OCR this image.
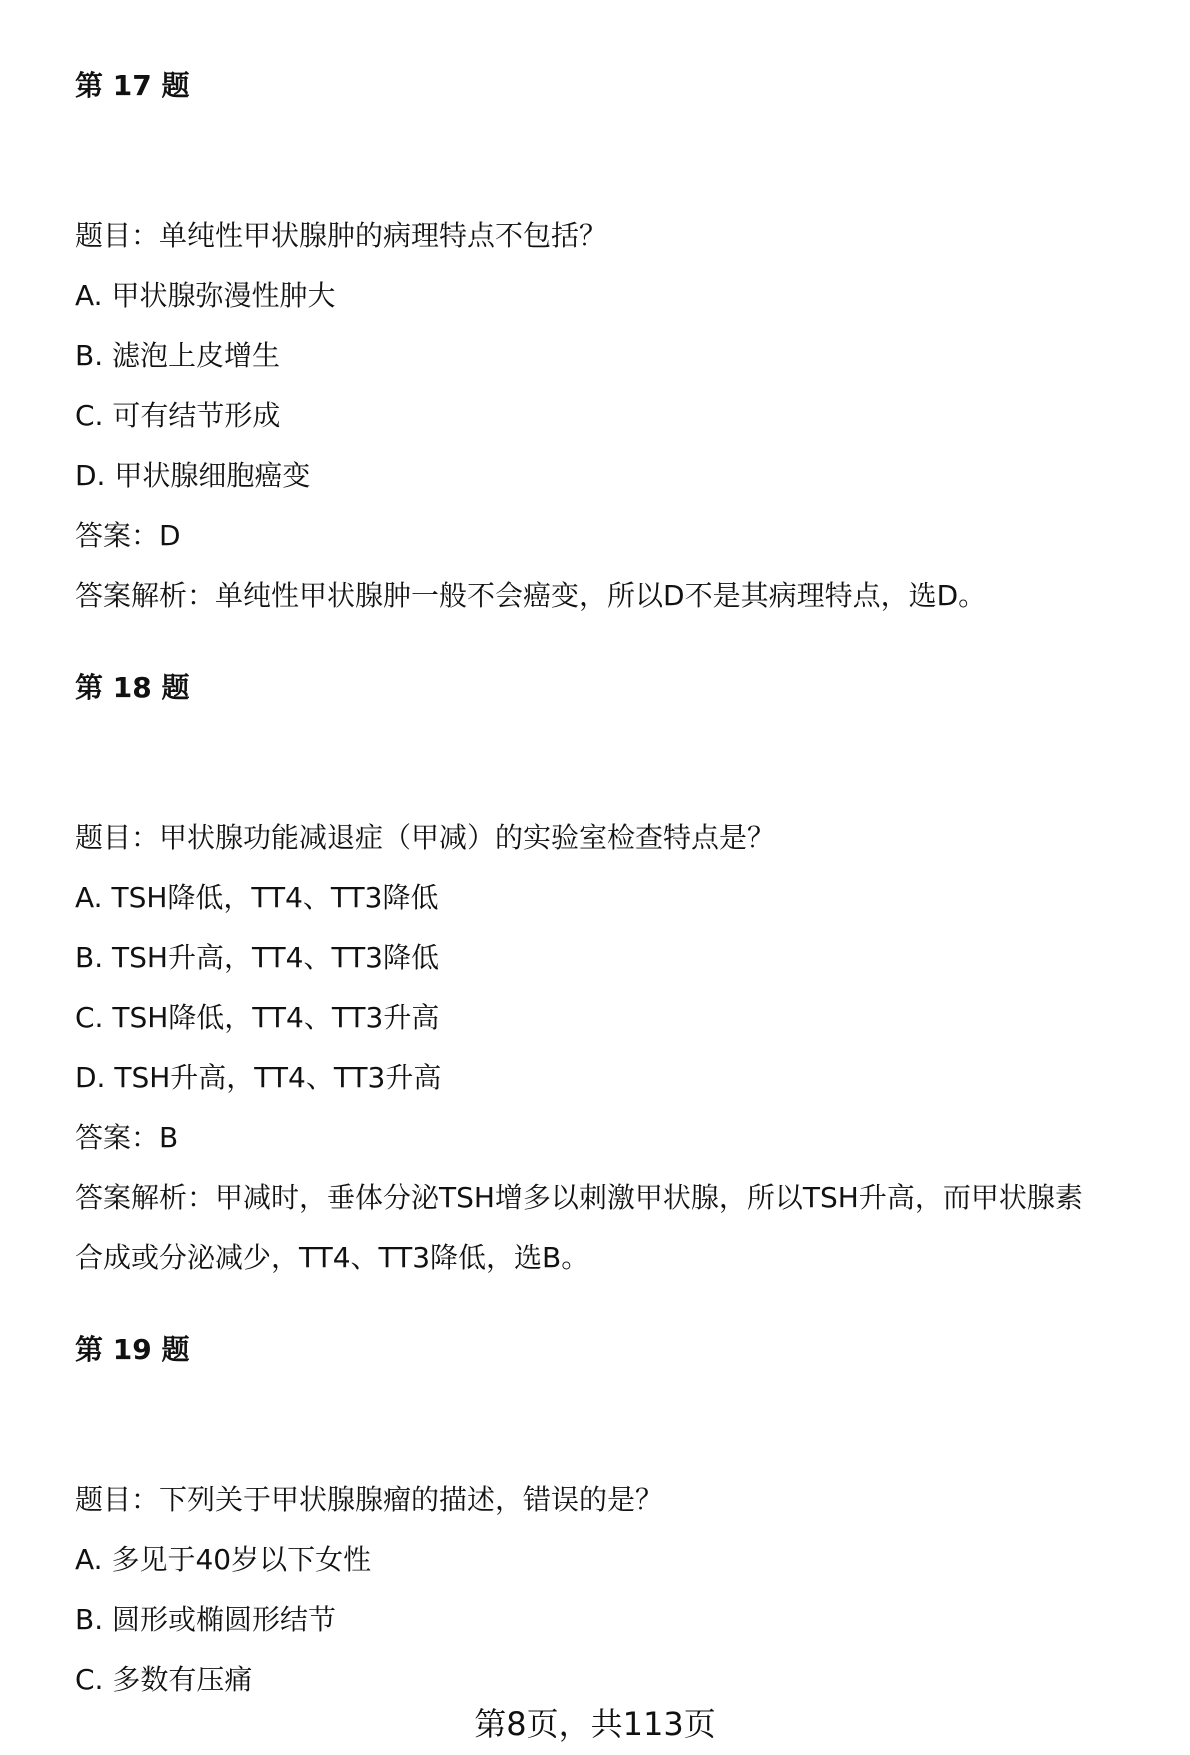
第 17 题
题目：单纯性甲状腺肿的病理特点不包括？
A. 甲状腺弥漫性肿大
B. 滤泡上皮增生
C. 可有结节形成
D. 甲状腺细胞癌变
答案：D
答案解析：单纯性甲状腺肿一般不会癌变，所以D不是其病理特点，选D。
第 18 题
题目：甲状腺功能减退症（甲减）的实验室检查特点是？
A. TSH降低，TT4、TT3降低
B. TSH升高，TT4、TT3降低
C. TSH降低，TT4、TT3升高
D. TSH升高，TT4、TT3升高
答案：B
答案解析：甲减时，垂体分泌TSH增多以刺激甲状腺，所以TSH升高，而甲状腺素
合成或分泌减少，TT4、TT3降低，选B。
第 19 题
题目：下列关于甲状腺腺瘤的描述，错误的是？
A. 多见于40岁以下女性
B. 圆形或椭圆形结节
C. 多数有压痛
第8页，共113页
